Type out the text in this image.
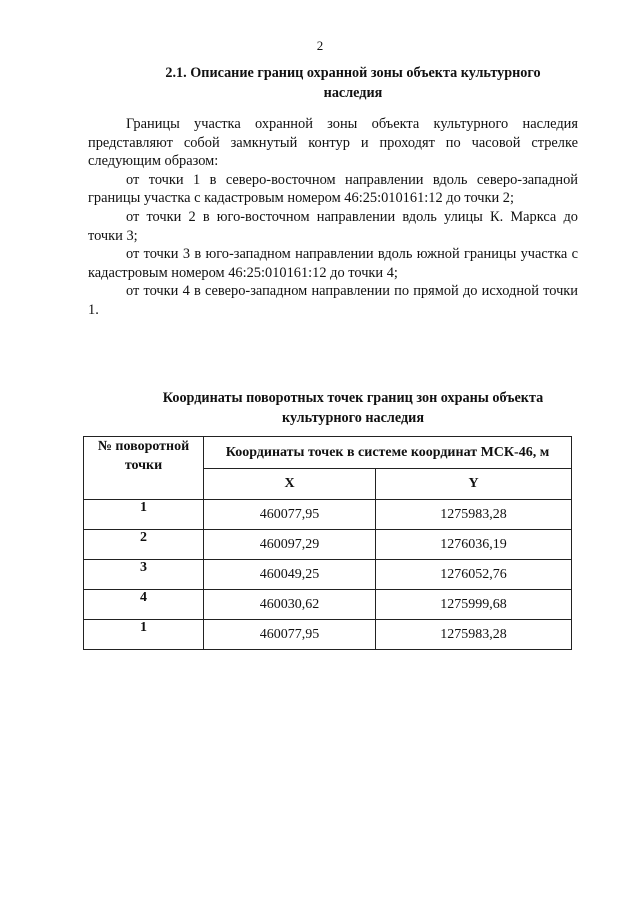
2
2.1. Описание границ охранной зоны объекта культурного
наследия

Границы участка охранной зоны объекта культурного наследия представляют собой замкнутый контур и проходят по часовой стрелке следующим образом:

от точки 1 в северо-восточном направлении вдоль северо-западной границы участка с кадастровым номером 46:25:010161:12 до точки 2;

от точки 2 в юго-восточном направлении вдоль улицы К. Маркса до точки 3;

от точки 3 в юго-западном направлении вдоль южной границы участка с кадастровым номером 46:25:010161:12 до точки 4;

от точки 4 в северо-западном направлении по прямой до исходной точки 1.

Координаты поворотных точек границ зон охраны объекта
культурного наследия
№ поворотной
точки	Координаты точек в системе координат МСК-46, м	
	X	Y
1	460077,95	1275983,28
2	460097,29	1276036,19
3	460049,25	1276052,76
4	460030,62	1275999,68
1	460077,95	1275983,28
